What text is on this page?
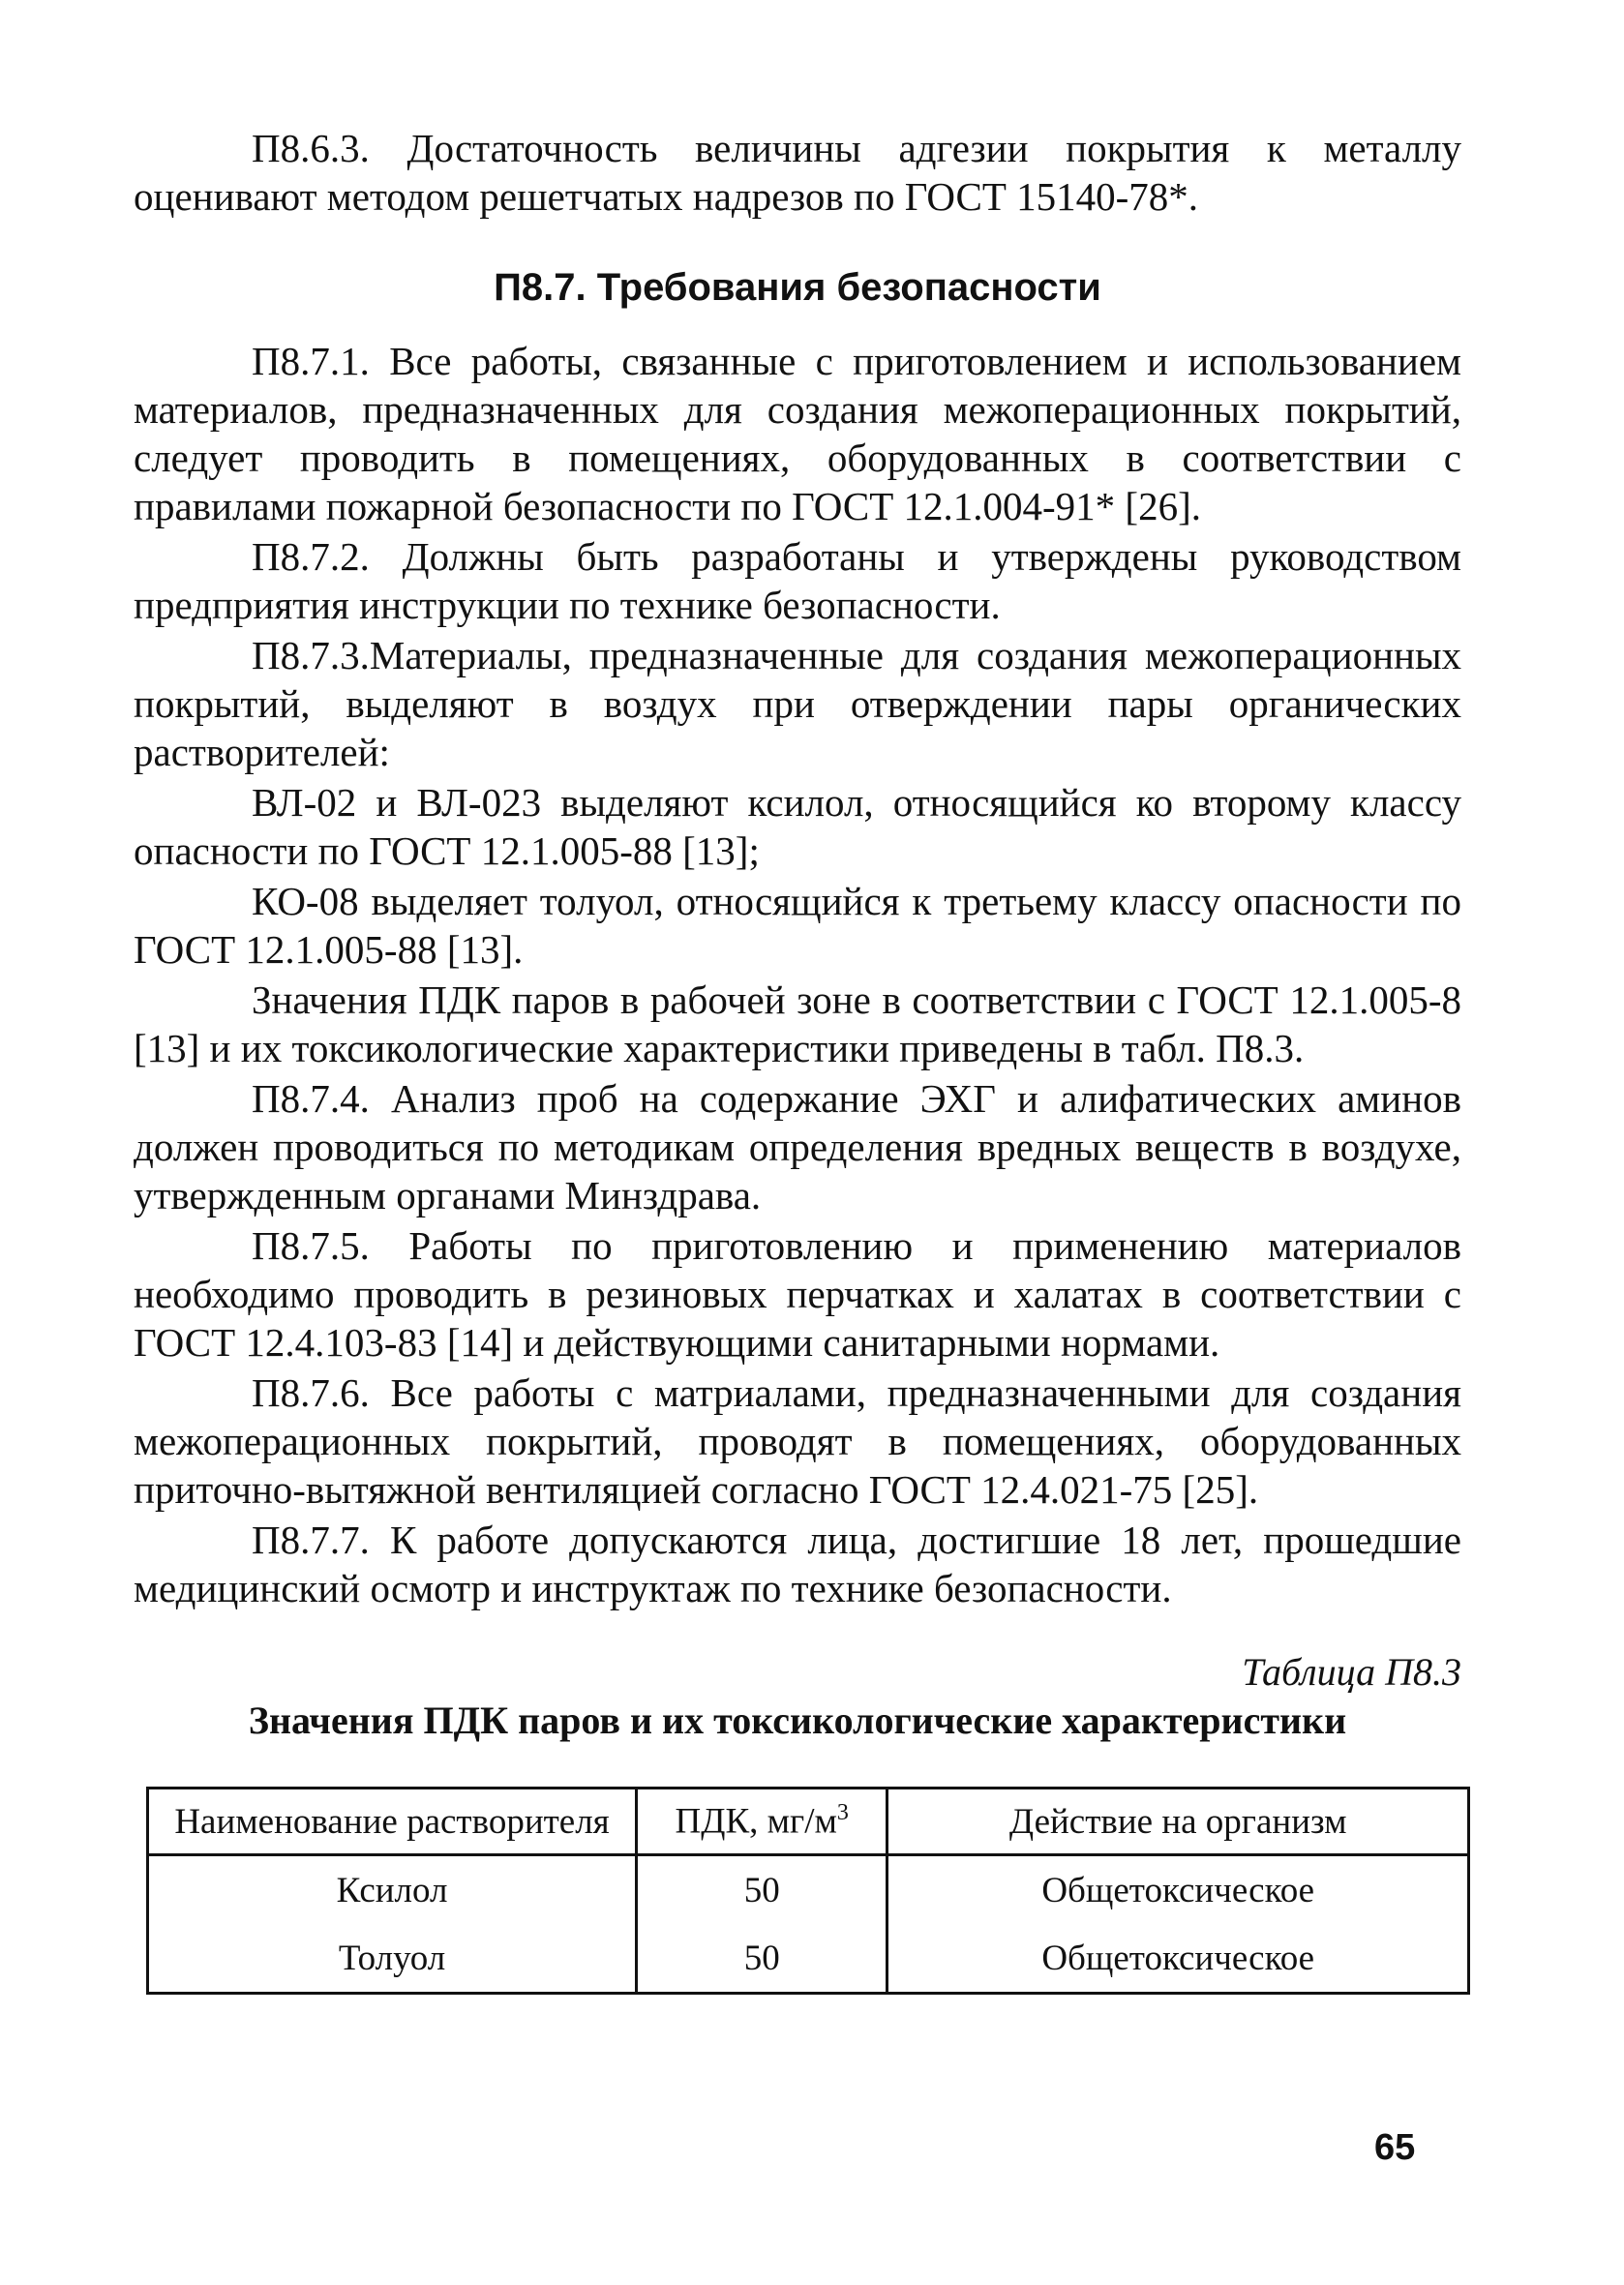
П8.6.3. Достаточность величины адгезии покрытия к металлу оценивают методом решетчатых надрезов по ГОСТ 15140-78*.

П8.7. Требования безопасности

П8.7.1. Все работы, связанные с приготовлением и использованием материалов, предназначенных для создания межоперационных покрытий, следует проводить в помещениях, оборудованных в соответствии с правилами пожарной безопасности по ГОСТ 12.1.004-91* [26].

П8.7.2. Должны быть разработаны и утверждены руководством предприятия инструкции по технике безопасности.

П8.7.3.Материалы, предназначенные для создания межоперационных покрытий, выделяют в воздух при отверждении пары органических растворителей:

ВЛ-02 и ВЛ-023 выделяют ксилол, относящийся ко второму классу опасности по ГОСТ 12.1.005-88 [13];

КО-08 выделяет толуол, относящийся к третьему классу опасности по ГОСТ 12.1.005-88 [13].

Значения ПДК паров в рабочей зоне в соответствии с ГОСТ 12.1.005-8 [13] и их токсикологические характеристики приведены в табл. П8.3.

П8.7.4. Анализ проб на содержание ЭХГ и алифатических аминов должен проводиться по методикам определения вредных веществ в воздухе, утвержденным органами Минздрава.

П8.7.5. Работы по приготовлению и применению материалов необходимо проводить в резиновых перчатках и халатах в соответствии с ГОСТ 12.4.103-83 [14] и действующими санитарными нормами.

П8.7.6. Все работы с матриалами, предназначенными для создания межоперационных покрытий, проводят в помещениях, оборудованных приточно-вытяжной вентиляцией согласно ГОСТ 12.4.021-75 [25].

П8.7.7. К работе допускаются лица, достигшие 18 лет, прошедшие медицинский осмотр и инструктаж по технике безопасности.

Таблица П8.3
Значения ПДК паров и их токсикологические характеристики
Наименование растворителя	ПДК, $мг/м^3$	Действие на организм
Ксилол	50	Общетоксическое
Толуол	50	Общетоксическое
65
